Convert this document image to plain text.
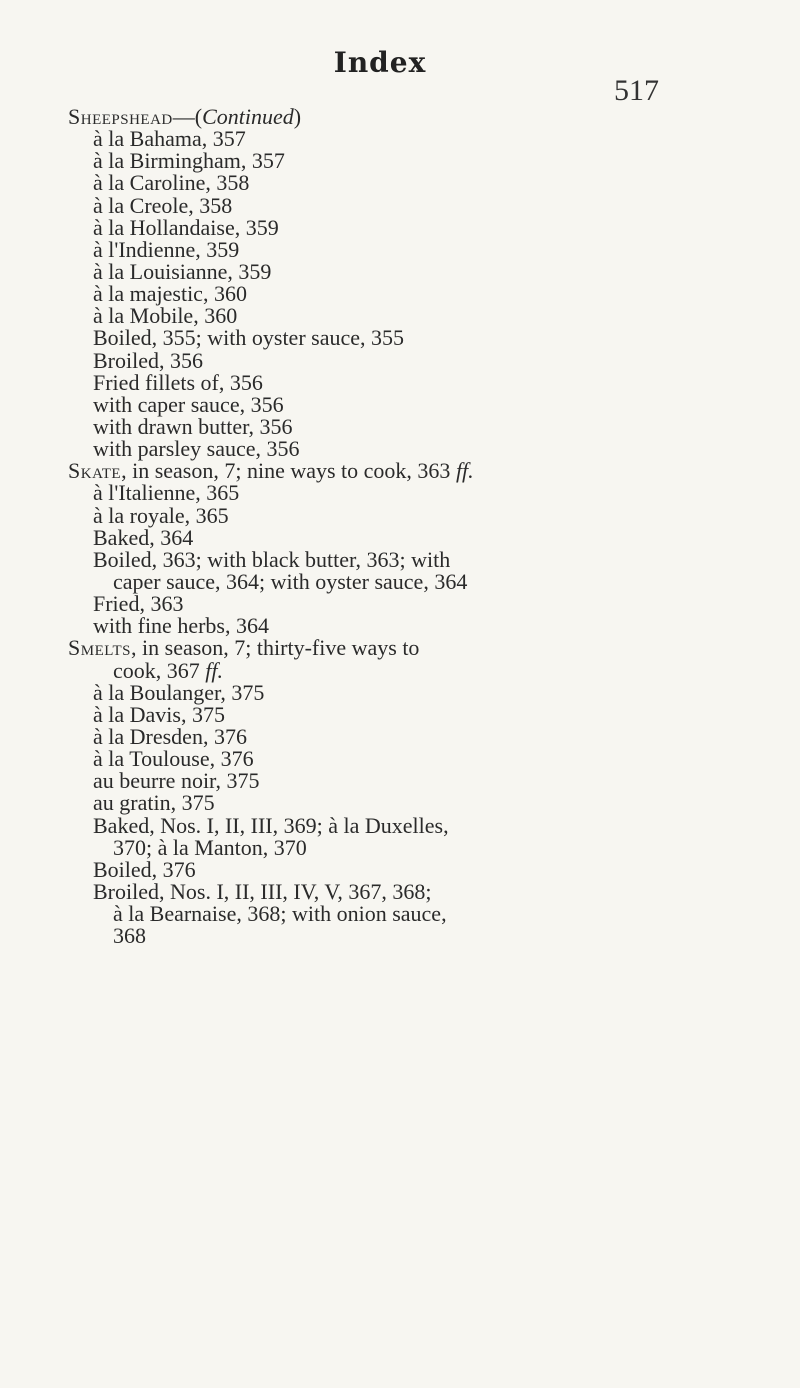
Index
517
Sheepshead—(Continued)
à la Bahama, 357
à la Birmingham, 357
à la Caroline, 358
à la Creole, 358
à la Hollandaise, 359
à l'Indienne, 359
à la Louisianne, 359
à la majestic, 360
à la Mobile, 360
Boiled, 355; with oyster sauce, 355
Broiled, 356
Fried fillets of, 356
with caper sauce, 356
with drawn butter, 356
with parsley sauce, 356
Skate, in season, 7; nine ways to cook, 363 ff.
à l'Italienne, 365
à la royale, 365
Baked, 364
Boiled, 363; with black butter, 363; with
caper sauce, 364; with oyster sauce, 364
Fried, 363
with fine herbs, 364
Smelts, in season, 7; thirty-five ways to
cook, 367 ff.
à la Boulanger, 375
à la Davis, 375
à la Dresden, 376
à la Toulouse, 376
au beurre noir, 375
au gratin, 375
Baked, Nos. I, II, III, 369; à la Duxelles,
370; à la Manton, 370
Boiled, 376
Broiled, Nos. I, II, III, IV, V, 367, 368;
à la Bearnaise, 368; with onion sauce,
368
